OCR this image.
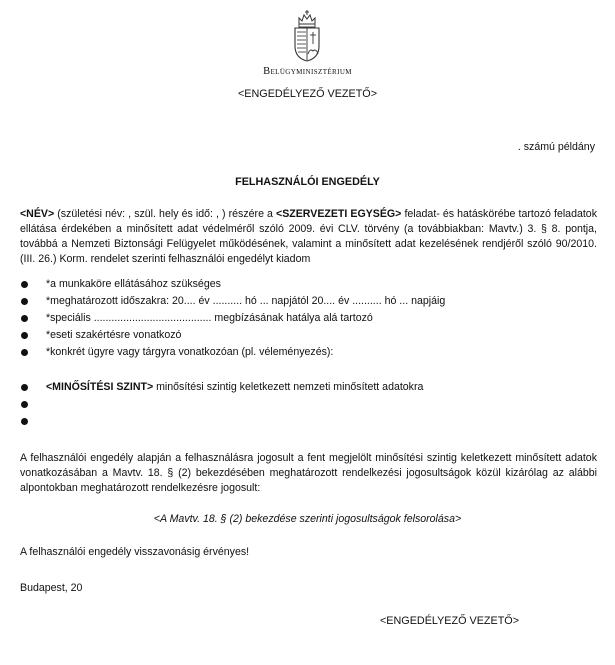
Belügyminisztérium
<ENGEDÉLYEZŐ VEZETŐ>
. számú példány
FELHASZNÁLÓI ENGEDÉLY
<NÉV> (születési név: , szül. hely és idő: , ) részére a <SZERVEZETI EGYSÉG> feladat- és hatáskörébe tartozó feladatok ellátása érdekében a minősített adat védelméről szóló 2009. évi CLV. törvény (a továbbiakban: Mavtv.) 3. § 8. pontja, továbbá a Nemzeti Biztonsági Felügyelet működésének, valamint a minősített adat kezelésének rendjéről szóló 90/2010. (III. 26.) Korm. rendelet szerinti felhasználói engedélyt kiadom
*a munkaköre ellátásához szükséges
*meghatározott időszakra: 20.... év .......... hó ... napjától 20.... év .......... hó ... napjáig
*speciális ........................................ megbízásának hatálya alá tartozó
*eseti szakértésre vonatkozó
*konkrét ügyre vagy tárgyra vonatkozóan (pl. véleményezés):
<MINŐSÍTÉSI SZINT> minősítési szintig keletkezett nemzeti minősített adatokra
A felhasználói engedély alapján a felhasználásra jogosult a fent megjelölt minősítési szintig keletkezett minősített adatok vonatkozásában a Mavtv. 18. § (2) bekezdésében meghatározott rendelkezési jogosultságok közül kizárólag az alábbi alpontokban meghatározott rendelkezésre jogosult:
<A Mavtv. 18. § (2) bekezdése szerinti jogosultságok felsorolása>
A felhasználói engedély visszavonásig érvényes!
Budapest, 20
<ENGEDÉLYEZŐ VEZETŐ>
